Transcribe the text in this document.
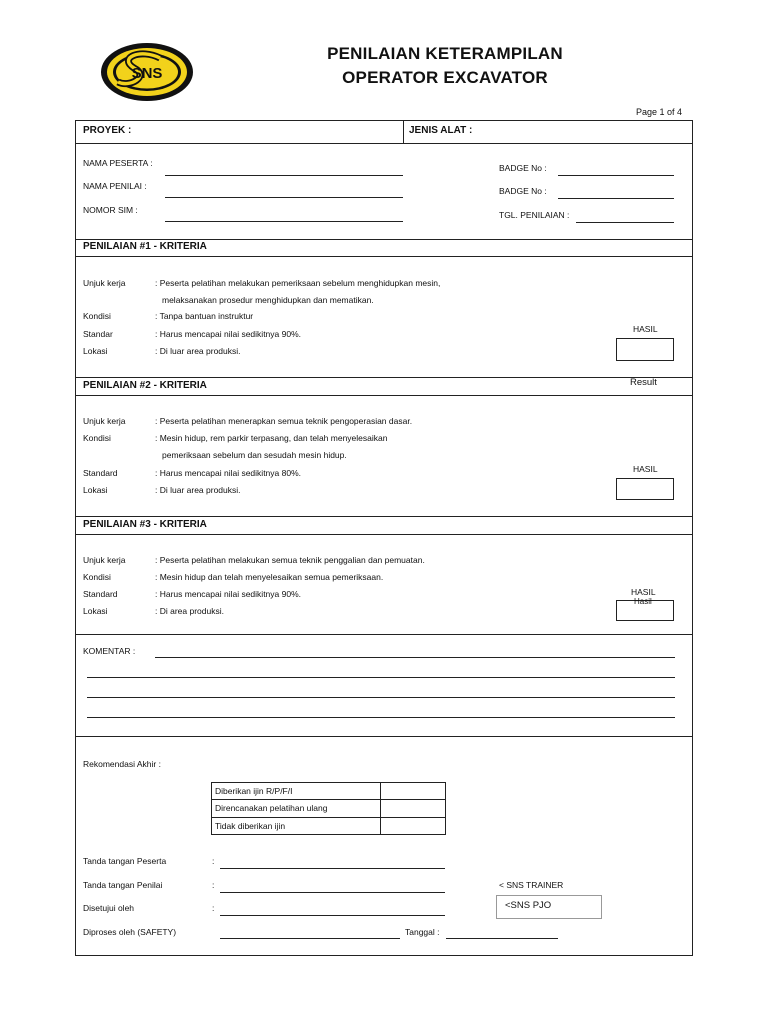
SNS
PENILAIAN KETERAMPILAN
OPERATOR EXCAVATOR
Page 1 of 4
PROYEK :	JENIS ALAT :
NAMA PESERTA :
NAMA PENILAI :
NOMOR SIM :
BADGE No :
BADGE No :
TGL. PENILAIAN :
PENILAIAN #1 - KRITERIA
Unjuk kerja	: Peserta pelatihan melakukan pemeriksaan sebelum menghidupkan mesin,
melaksanakan prosedur menghidupkan dan mematikan.
Kondisi	: Tanpa bantuan instruktur
Standar	: Harus mencapai nilai sedikitnya 90%.
Lokasi	: Di luar area produksi.
HASIL
Result
PENILAIAN #2 - KRITERIA
Unjuk kerja	: Peserta pelatihan menerapkan semua teknik pengoperasian dasar.
Kondisi	: Mesin hidup, rem parkir terpasang, dan telah menyelesaikan
pemeriksaan sebelum dan sesudah mesin hidup.
Standard	: Harus mencapai nilai sedikitnya 80%.
Lokasi	: Di luar area produksi.
HASIL
PENILAIAN #3 - KRITERIA
Unjuk kerja	: Peserta pelatihan melakukan semua teknik penggalian dan pemuatan.
Kondisi	: Mesin hidup dan telah menyelesaikan semua pemeriksaan.
Standard	: Harus mencapai nilai sedikitnya 90%.
Lokasi	: Di area produksi.
HASIL
Hasil
KOMENTAR :
Rekomendasi Akhir :
Diberikan ijin R/P/F/I
Direncanakan pelatihan ulang
Tidak diberikan ijin
Tanda tangan Peserta	:
Tanda tangan Penilai	:	< SNS TRAINER
Disetujui oleh	:	<SNS PJO
Diproses oleh (SAFETY)	Tanggal :
